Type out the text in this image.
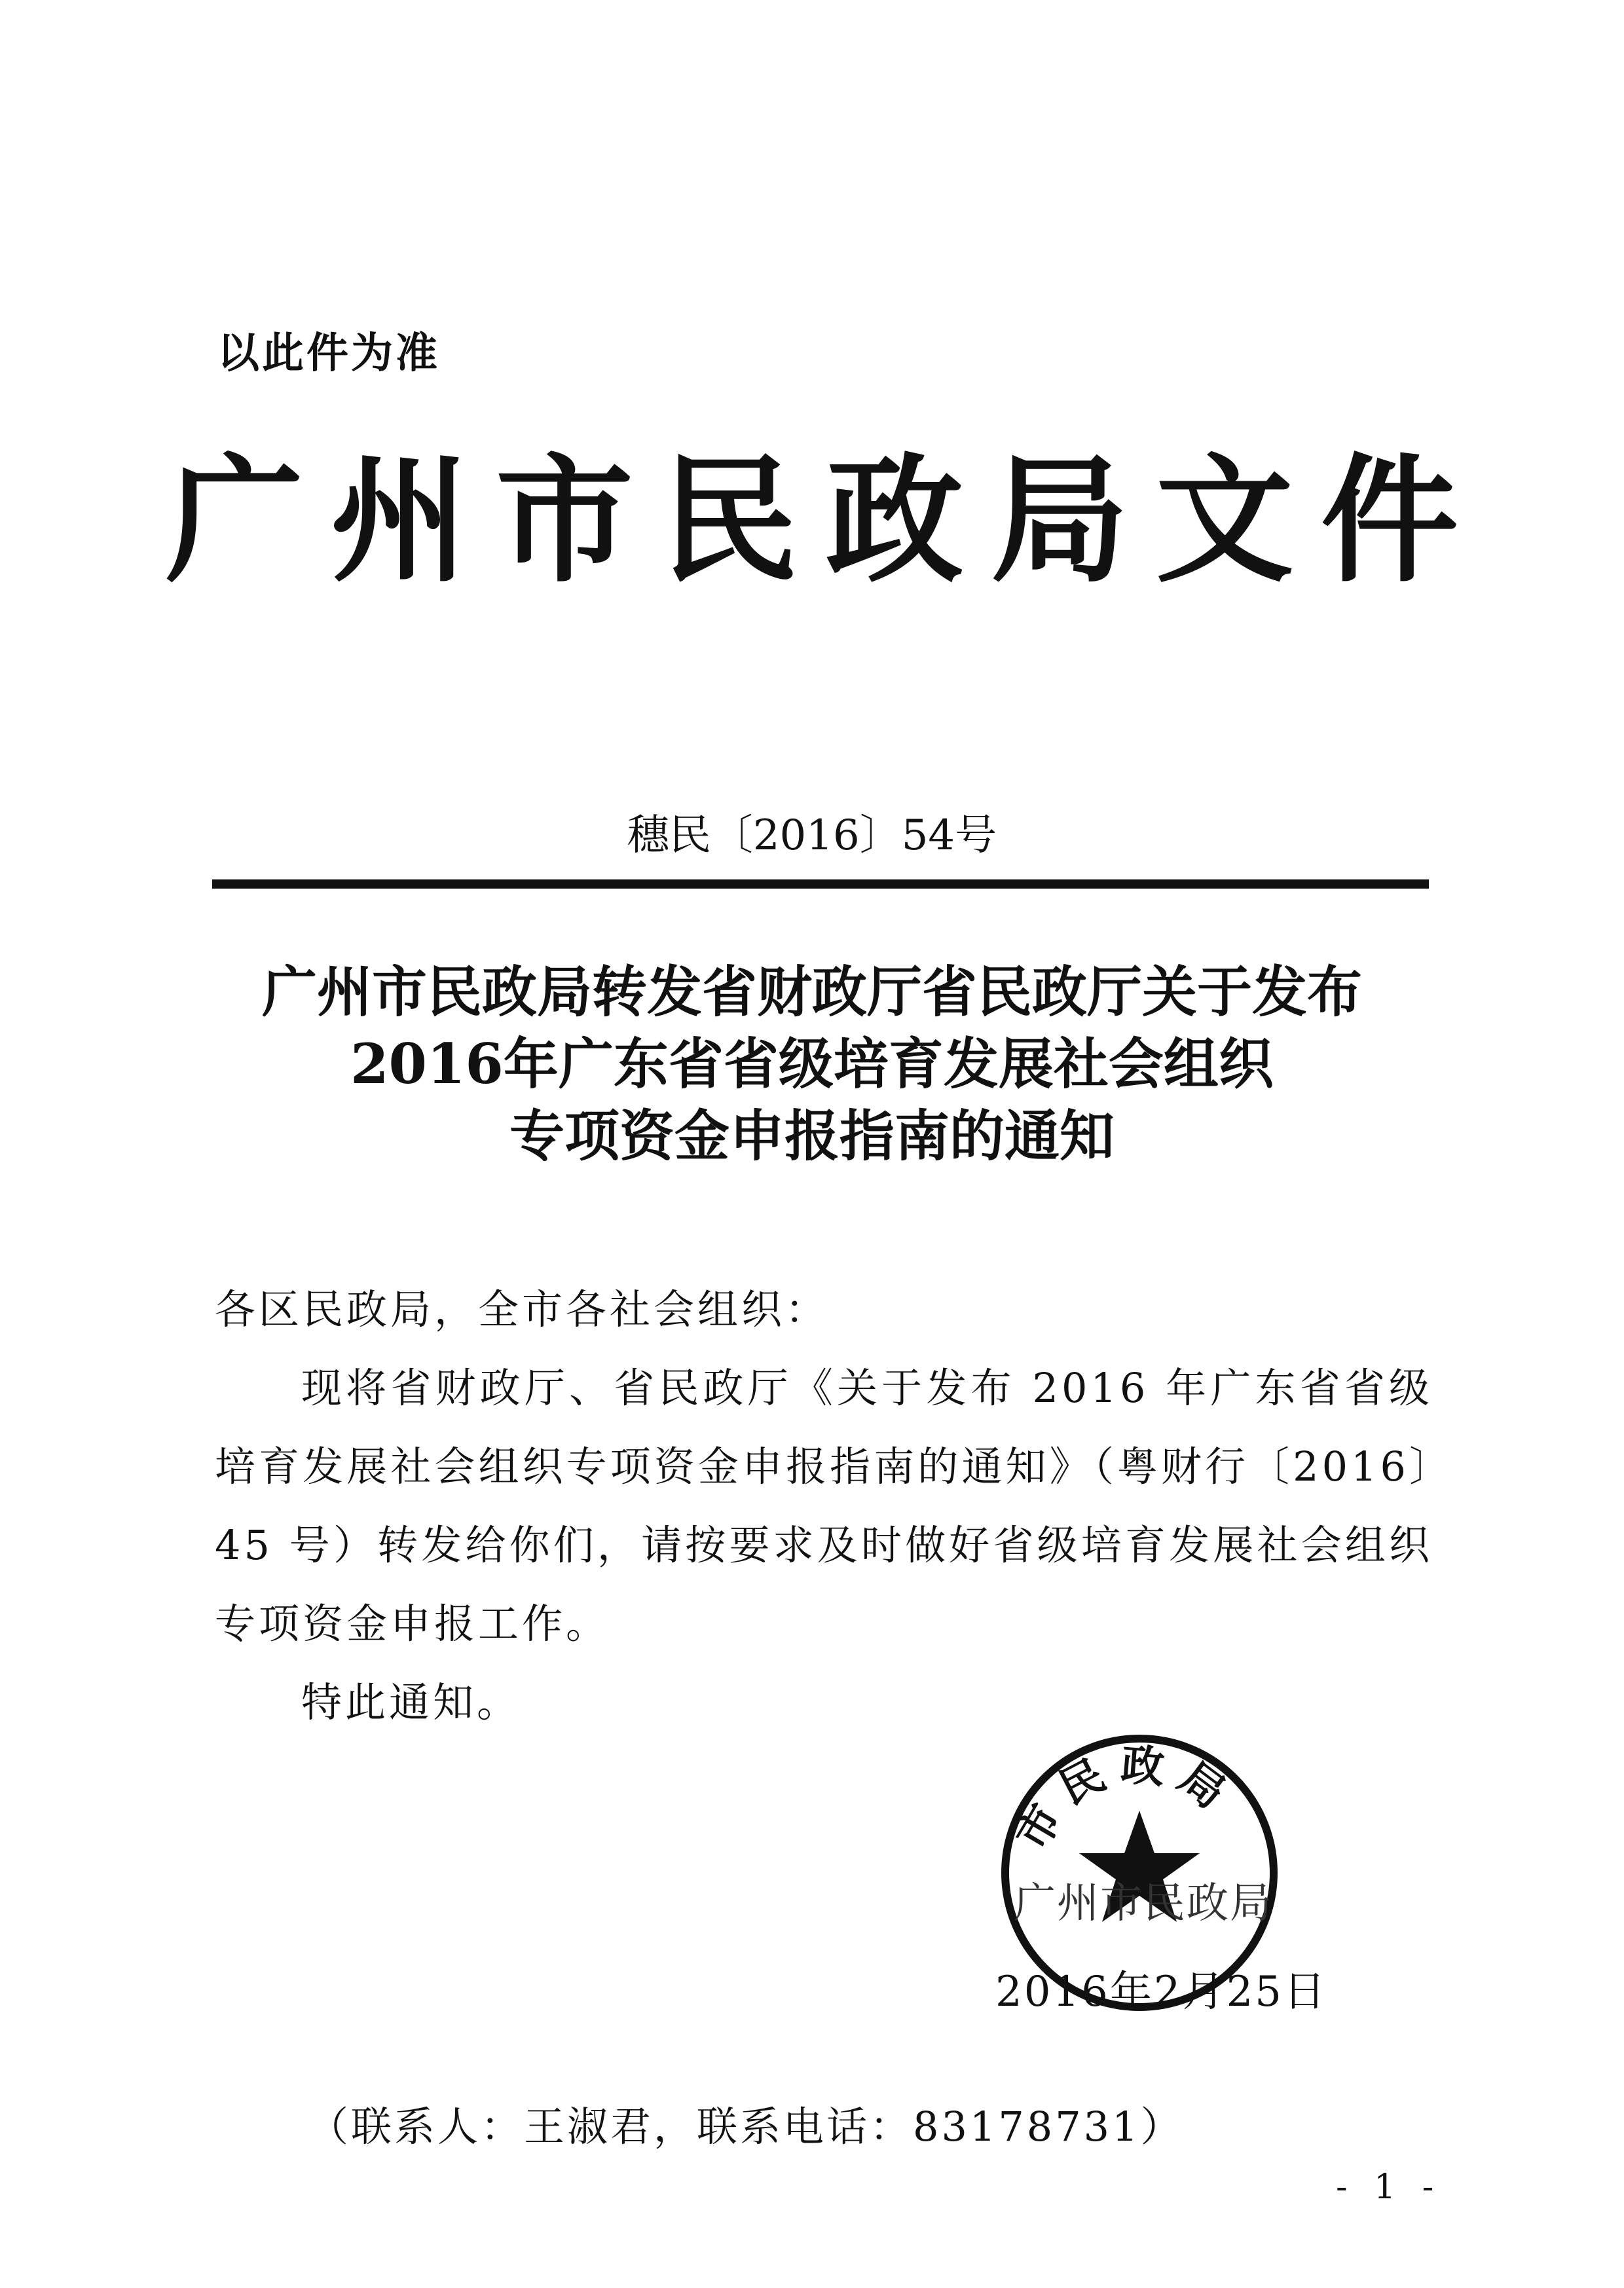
以此件为准
广州市民政局文件
穗民〔2016〕54号
广州市民政局转发省财政厅省民政厅关于发布
2016年广东省省级培育发展社会组织
专项资金申报指南的通知

各区民政局，全市各社会组织：

现将省财政厅、省民政厅《关于发布 2016 年广东省省级培育发展社会组织专项资金申报指南的通知》（粤财行〔2016〕45 号）转发给你们，请按要求及时做好省级培育发展社会组织专项资金申报工作。

特此通知。

市民政局
广州市民政局
2016年2月25日
（联系人：王淑君，联系电话：83178731）
- 1 -
